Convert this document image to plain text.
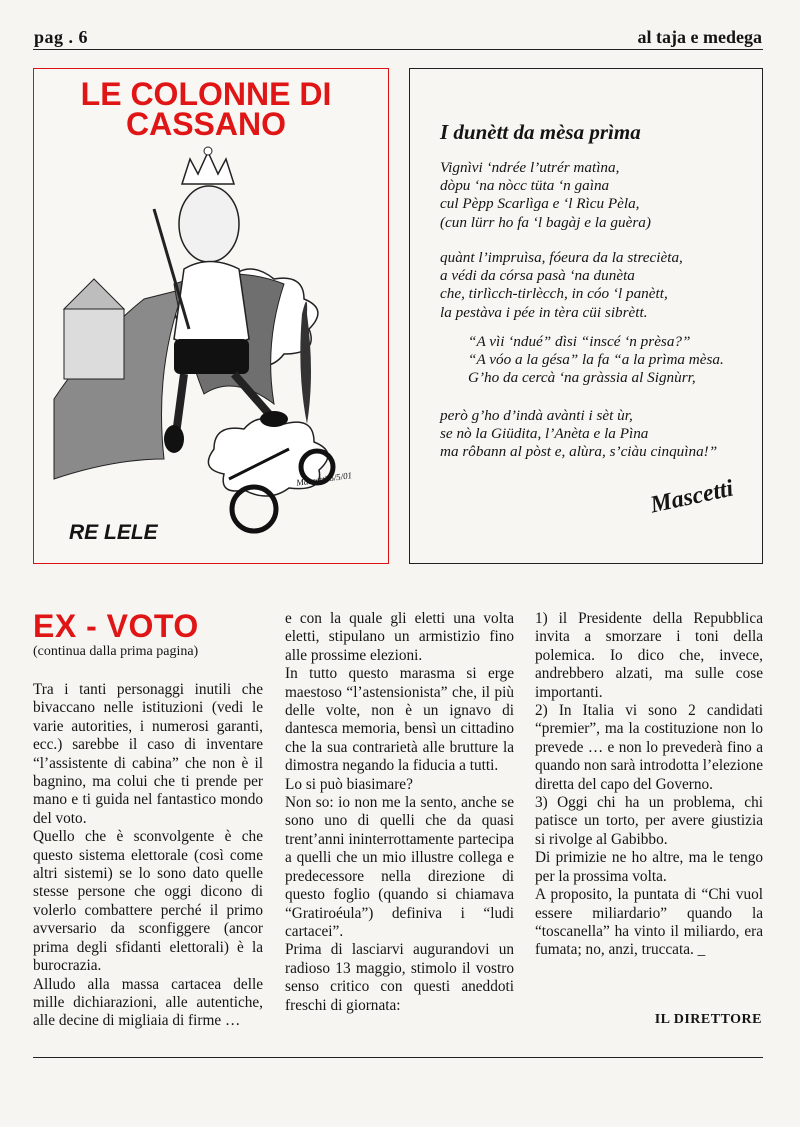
pag . 6	al taja e medega
LE COLONNE DI
CASSANO
Mascetti 6/5/01
RE LELE
I dunètt da mèsa prìma
Vignìvi ‘ndrée l’utrér matìna,
dòpu ‘na nòcc tüta ‘n gaìna
cul Pèpp Scarlìga e ‘l Rìcu Pèla,
(cun lürr ho fa ‘l bagàj e la guèra)
quànt l’impruìsa, fóeura da la strecièta,
a védi da córsa pasà ‘na dunèta
che, tirlìcch-tirlècch, in cóo ‘l panètt,
la pestàva i pée in tèra cüi sibrètt.
“A vìi ‘ndué” dìsi “inscé ‘n prèsa?”
“A vóo a la gésa” la fa “a la prìma mèsa.
G’ho da cercà ‘na gràssia al Signùrr,
però g’ho d’indà avànti i sèt ùr,
se nò la Giüdita, l’Anèta e la Pìna
ma rôbann al pòst e, alùra, s’ciàu cinquìna!”
Mascetti
EX - VOTO
(continua dalla prima pagina)

Tra i tanti personaggi inutili che bivaccano nelle istituzioni (vedi le varie autorities, i numerosi garanti, ecc.) sarebbe il caso di inventare “l’assistente di cabina” che non è il bagnino, ma colui che ti prende per mano e ti guida nel fantastico mondo del voto.

Quello che è sconvolgente è che questo sistema elettorale (così come altri sistemi) se lo sono dato quelle stesse persone che oggi dicono di volerlo combattere perché il primo avversario da sconfiggere (ancor prima degli sfidanti elettorali) è la burocrazia.

Alludo alla massa cartacea delle mille dichiarazioni, alle autentiche, alle decine di migliaia di firme …

e con la quale gli eletti una volta eletti, stipulano un armistizio fino alle prossime elezioni.

In tutto questo marasma si erge maestoso “l’astensionista” che, il più delle volte, non è un ignavo di dantesca memoria, bensì un cittadino che la sua contrarietà alle brutture la dimostra negando la fiducia a tutti.

Lo si può biasimare?

Non so: io non me la sento, anche se sono uno di quelli che da quasi trent’anni ininterrottamente partecipa a quelli che un mio illustre collega e predecessore nella direzione di questo foglio (quando si chiamava “Gratiroéula”) definiva i “ludi cartacei”.

Prima di lasciarvi augurandovi un radioso 13 maggio, stimolo il vostro senso critico con questi aneddoti freschi di giornata:

1) il Presidente della Repubblica invita a smorzare i toni della polemica. Io dico che, invece, andrebbero alzati, ma sulle cose importanti.

2) In Italia vi sono 2 candidati “premier”, ma la costituzione non lo prevede … e non lo prevederà fino a quando non sarà introdotta l’elezione diretta del capo del Governo.

3) Oggi chi ha un problema, chi patisce un torto, per avere giustizia si rivolge al Gabibbo.

Di primizie ne ho altre, ma le tengo per la prossima volta.

A proposito, la puntata di “Chi vuol essere miliardario” quando la “toscanella” ha vinto il miliardo, era fumata; no, anzi, truccata. _

IL DIRETTORE
